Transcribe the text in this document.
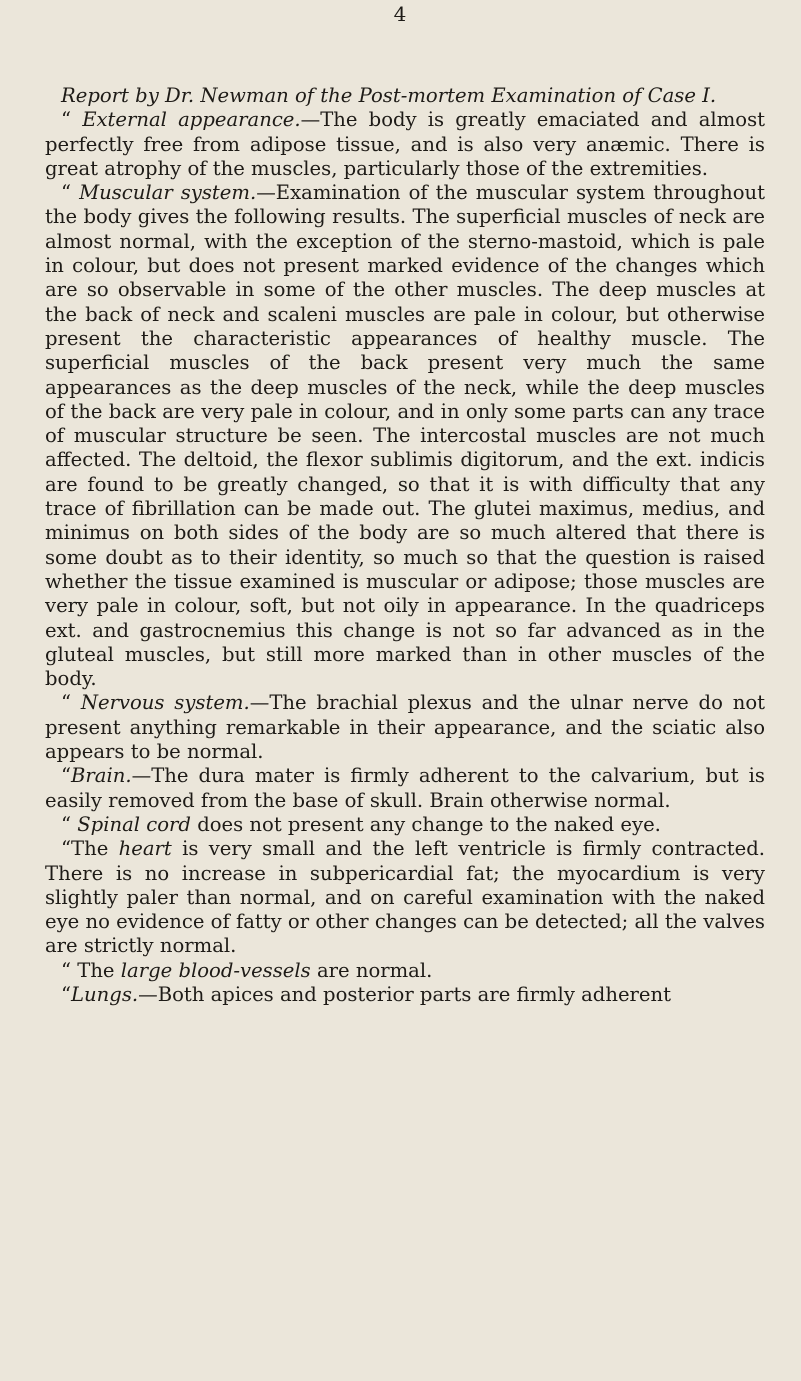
4
Report by Dr. Newman of the Post-mortem Examination of Case I.

“ External appearance.—The body is greatly emaciated and almost perfectly free from adipose tissue, and is also very anæmic. There is great atrophy of the muscles, particularly those of the extremities.

“ Muscular system.—Examination of the muscular system throughout the body gives the following results. The superficial muscles of neck are almost normal, with the exception of the sterno-mastoid, which is pale in colour, but does not present marked evidence of the changes which are so observable in some of the other muscles. The deep muscles at the back of neck and scaleni muscles are pale in colour, but otherwise present the characteristic appearances of healthy muscle. The superficial muscles of the back present very much the same appearances as the deep muscles of the neck, while the deep muscles of the back are very pale in colour, and in only some parts can any trace of muscular structure be seen. The intercostal muscles are not much affected. The deltoid, the flexor sublimis digitorum, and the ext. indicis are found to be greatly changed, so that it is with difficulty that any trace of fibrillation can be made out. The glutei maximus, medius, and minimus on both sides of the body are so much altered that there is some doubt as to their identity, so much so that the question is raised whether the tissue examined is muscular or adipose; those muscles are very pale in colour, soft, but not oily in appearance. In the quadriceps ext. and gastrocnemius this change is not so far advanced as in the gluteal muscles, but still more marked than in other muscles of the body.

“ Nervous system.—The brachial plexus and the ulnar nerve do not present anything remarkable in their appearance, and the sciatic also appears to be normal.

“Brain.—The dura mater is firmly adherent to the calvarium, but is easily removed from the base of skull. Brain otherwise normal.

“ Spinal cord does not present any change to the naked eye.

“The heart is very small and the left ventricle is firmly contracted. There is no increase in subpericardial fat; the myocardium is very slightly paler than normal, and on careful examination with the naked eye no evidence of fatty or other changes can be detected; all the valves are strictly normal.

“ The large blood-vessels are normal.

“Lungs.—Both apices and posterior parts are firmly adherent
